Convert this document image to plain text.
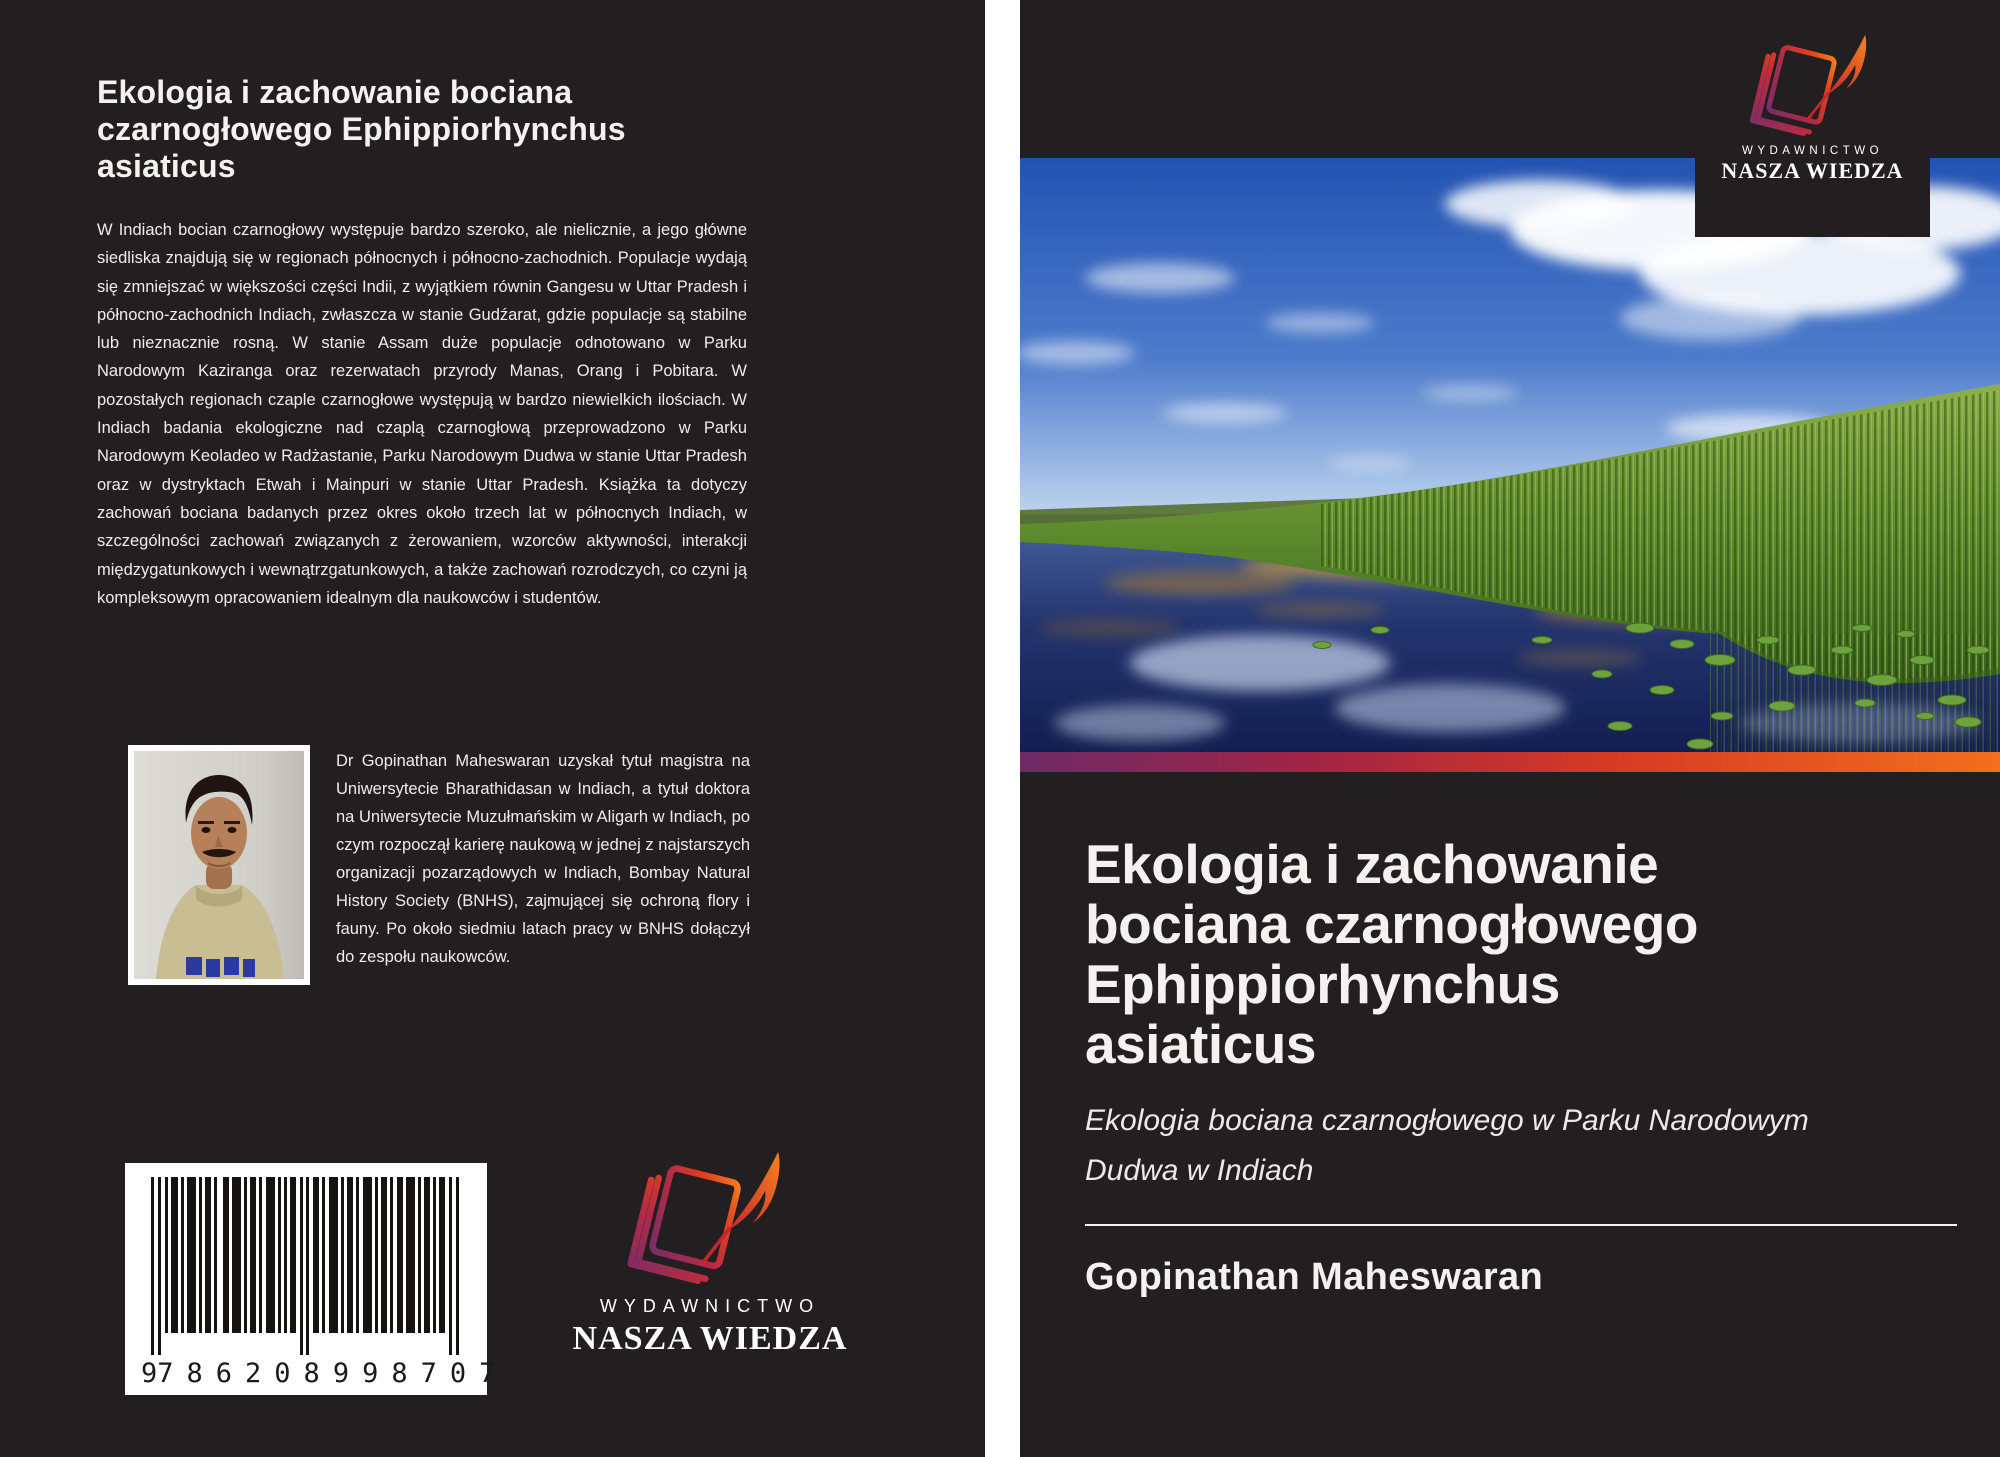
Ekologia i zachowanie bociana
czarnogłowego Ephippiorhynchus
asiaticus
W Indiach bocian czarnogłowy występuje bardzo szeroko, ale nielicznie, a jego główne siedliska znajdują się w regionach północnych i północno-zachodnich. Populacje wydają się zmniejszać w większości części Indii, z wyjątkiem równin Gangesu w Uttar Pradesh i północno-zachodnich Indiach, zwłaszcza w stanie Gudźarat, gdzie populacje są stabilne lub nieznacznie rosną. W stanie Assam duże populacje odnotowano w Parku Narodowym Kaziranga oraz rezerwatach przyrody Manas, Orang i Pobitara. W pozostałych regionach czaple czarnogłowe występują w bardzo niewielkich ilościach. W Indiach badania ekologiczne nad czaplą czarnogłową przeprowadzono w Parku Narodowym Keoladeo w Radżastanie, Parku Narodowym Dudwa w stanie Uttar Pradesh oraz w dystryktach Etwah i Mainpuri w stanie Uttar Pradesh. Książka ta dotyczy zachowań bociana badanych przez okres około trzech lat w północnych Indiach, w szczególności zachowań związanych z żerowaniem, wzorców aktywności, interakcji międzygatunkowych i wewnątrzgatunkowych, a także zachowań rozrodczych, co czyni ją kompleksowym opracowaniem idealnym dla naukowców i studentów.
Dr Gopinathan Maheswaran uzyskał tytuł magistra na Uniwersytecie Bharathidasan w Indiach, a tytuł doktora na Uniwersytecie Muzułmańskim w Aligarh w Indiach, po czym rozpoczął karierę naukową w jednej z najstarszych organizacji pozarządowych w Indiach, Bombay Natural History Society (BNHS), zajmującej się ochroną flory i fauny. Po około siedmiu latach pracy w BNHS dołączył do zespołu naukowców.
9 786208 998707
WYDAWNICTWO
NASZA WIEDZA
WYDAWNICTWO
NASZA WIEDZA
Ekologia i zachowanie
bociana czarnogłowego
Ephippiorhynchus
asiaticus
Ekologia bociana czarnogłowego w Parku Narodowym
Dudwa w Indiach
Gopinathan Maheswaran
